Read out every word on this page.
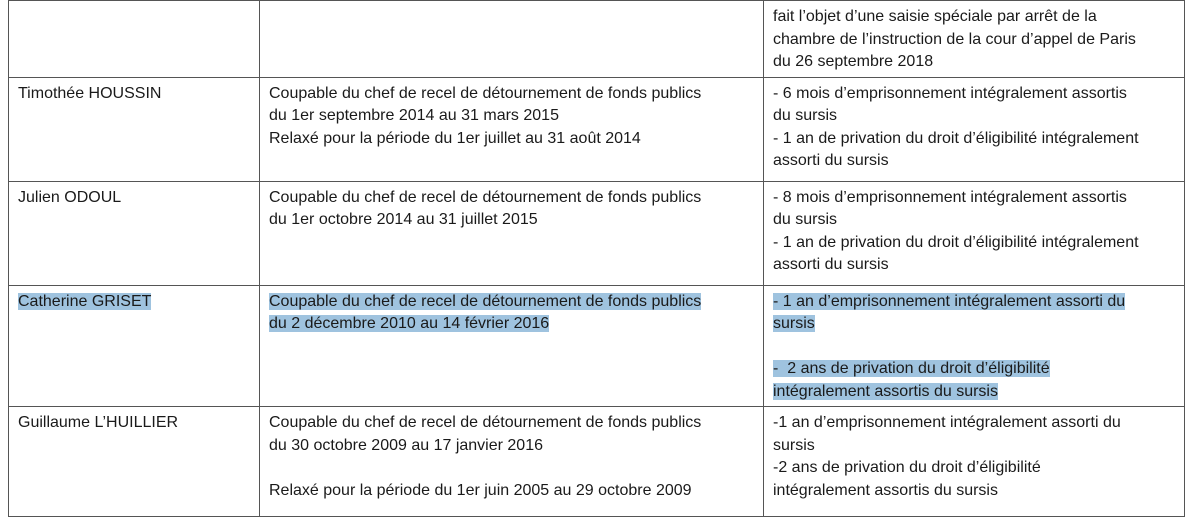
		fait l’objet d’une saisie spéciale par arrêt de la
chambre de l’instruction de la cour d’appel de Paris
du 26 septembre 2018

Timothée HOUSSIN	Coupable du chef de recel de détournement de fonds publics
du 1er septembre 2014 au 31 mars 2015
Relaxé pour la période du 1er juillet au 31 août 2014	- 6 mois d’emprisonnement intégralement assortis
du sursis
- 1 an de privation du droit d’éligibilité intégralement
assorti du sursis

Julien ODOUL	Coupable du chef de recel de détournement de fonds publics
du 1er octobre 2014 au 31 juillet 2015	- 8 mois d’emprisonnement intégralement assortis
du sursis
- 1 an de privation du droit d’éligibilité intégralement
assorti du sursis

Catherine GRISET	Coupable du chef de recel de détournement de fonds publics
du 2 décembre 2010 au 14 février 2016	- 1 an d’emprisonnement intégralement assorti du
sursis
-  2 ans de privation du droit d’éligibilité
intégralement assortis du sursis

Guillaume L’HUILLIER	Coupable du chef de recel de détournement de fonds publics
du 30 octobre 2009 au 17 janvier 2016
Relaxé pour la période du 1er juin 2005 au 29 octobre 2009	-1 an d’emprisonnement intégralement assorti du
sursis
-2 ans de privation du droit d’éligibilité
intégralement assortis du sursis
